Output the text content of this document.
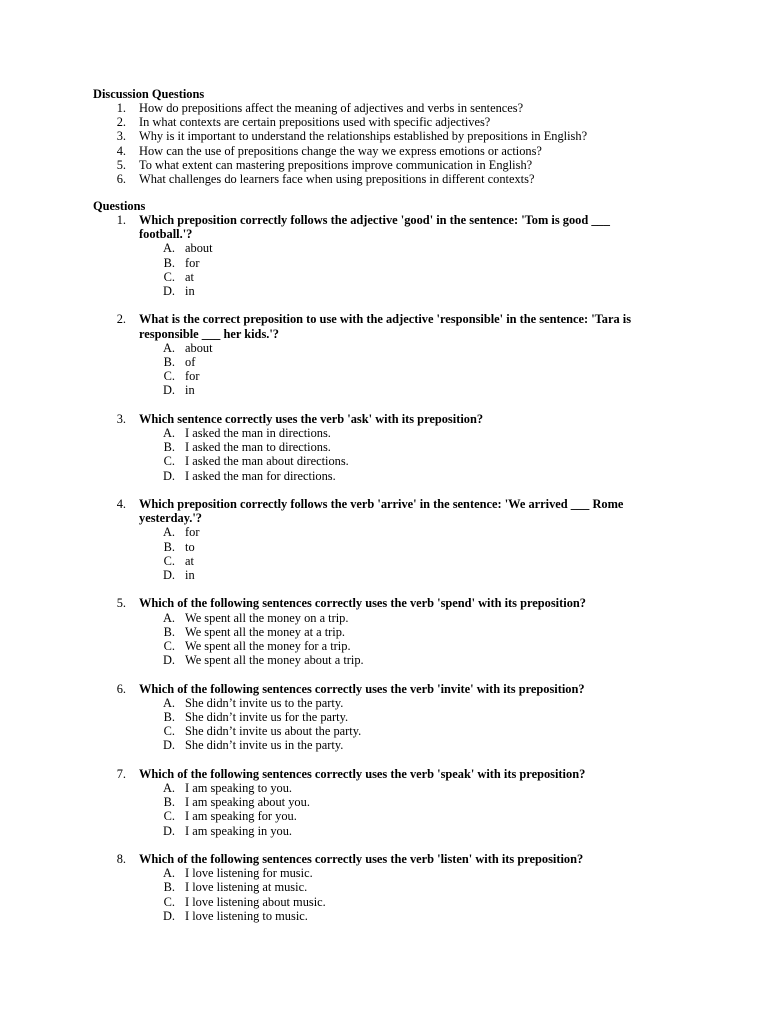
Discussion Questions

1. How do prepositions affect the meaning of adjectives and verbs in sentences?
2. In what contexts are certain prepositions used with specific adjectives?
3. Why is it important to understand the relationships established by prepositions in English?
4. How can the use of prepositions change the way we express emotions or actions?
5. To what extent can mastering prepositions improve communication in English?
6. What challenges do learners face when using prepositions in different contexts?

Questions

1. Which preposition correctly follows the adjective 'good' in the sentence: 'Tom is good ___ football.'?

A. about
B. for
C. at
D. in
2. What is the correct preposition to use with the adjective 'responsible' in the sentence: 'Tara is responsible ___ her kids.'?

A. about
B. of
C. for
D. in
3. Which sentence correctly uses the verb 'ask' with its preposition?

A. I asked the man in directions.
B. I asked the man to directions.
C. I asked the man about directions.
D. I asked the man for directions.
4. Which preposition correctly follows the verb 'arrive' in the sentence: 'We arrived ___ Rome yesterday.'?

A. for
B. to
C. at
D. in
5. Which of the following sentences correctly uses the verb 'spend' with its preposition?

A. We spent all the money on a trip.
B. We spent all the money at a trip.
C. We spent all the money for a trip.
D. We spent all the money about a trip.
6. Which of the following sentences correctly uses the verb 'invite' with its preposition?

A. She didn’t invite us to the party.
B. She didn’t invite us for the party.
C. She didn’t invite us about the party.
D. She didn’t invite us in the party.
7. Which of the following sentences correctly uses the verb 'speak' with its preposition?

A. I am speaking to you.
B. I am speaking about you.
C. I am speaking for you.
D. I am speaking in you.
8. Which of the following sentences correctly uses the verb 'listen' with its preposition?

A. I love listening for music.
B. I love listening at music.
C. I love listening about music.
D. I love listening to music.
